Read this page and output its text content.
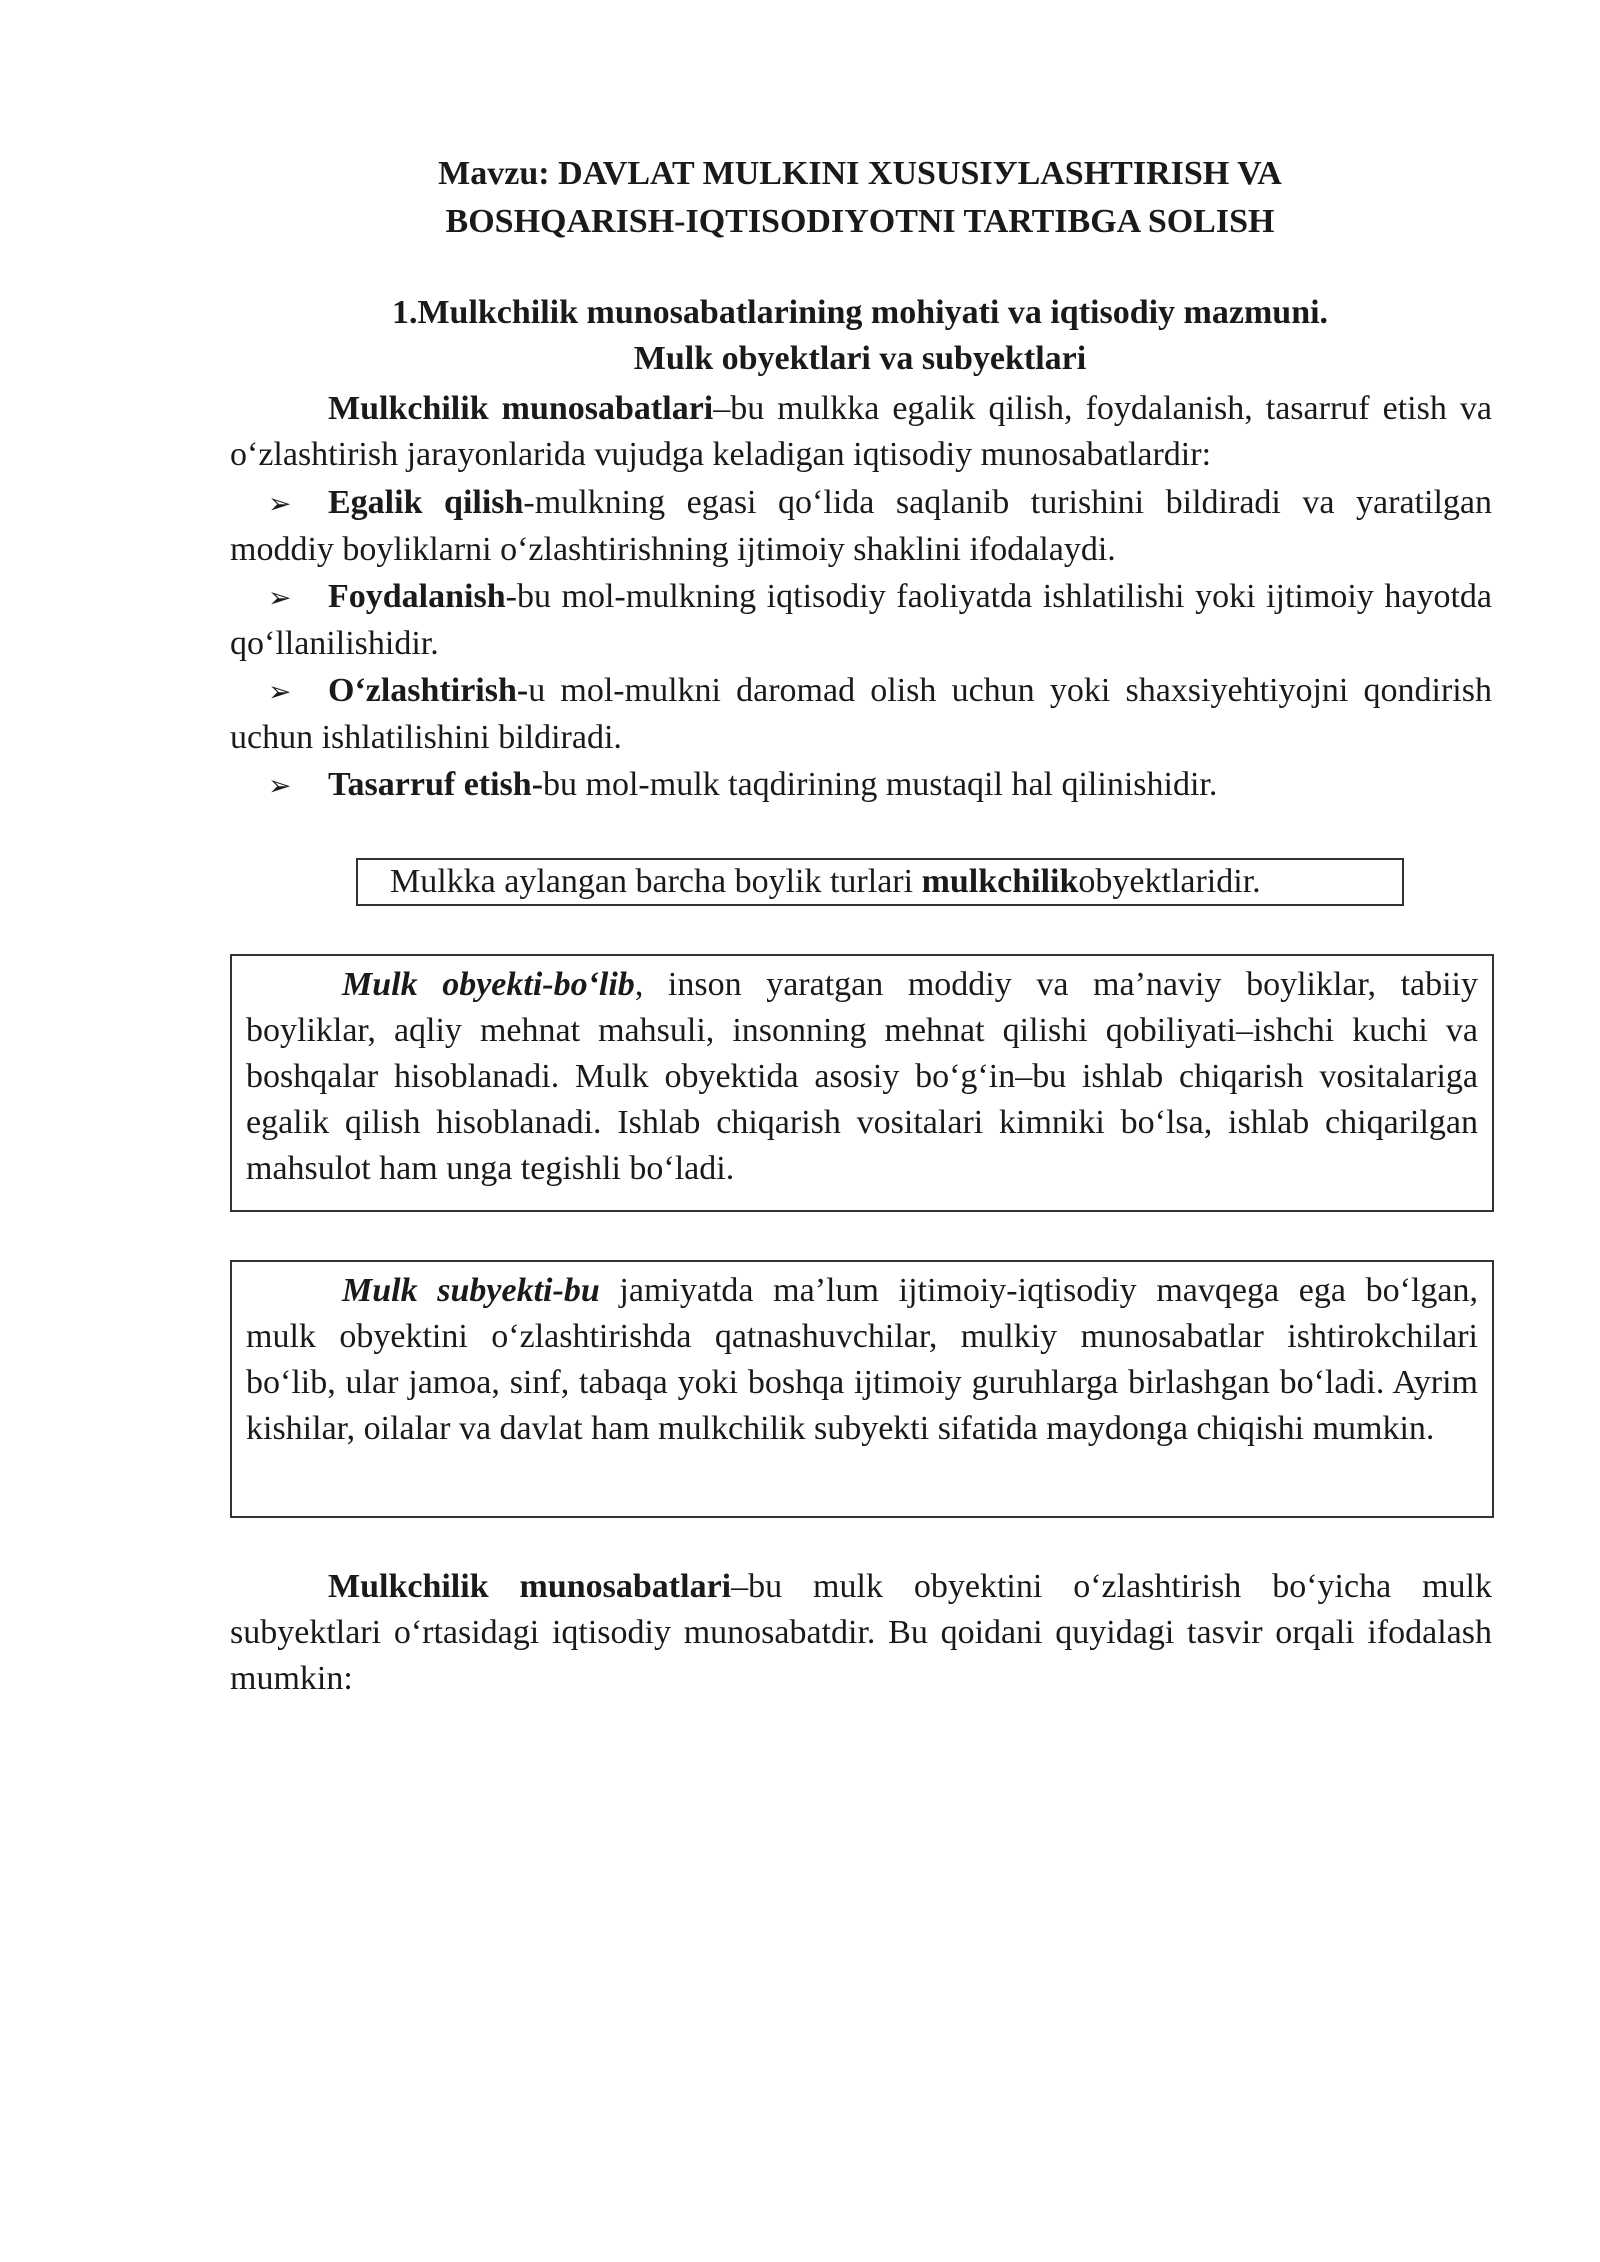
Mavzu: DAVLAT MULKINI XUSUSIУLASHTIRISH VA
BOSHQARISH-IQTISODIYOTNI TARTIBGA SOLISH
1.Mulkchilik munosabatlarining mohiyati va iqtisodiy mazmuni.
Mulk obyektlari va subyektlari
Mulkchilik munosabatlari–bu mulkka egalik qilish, foydalanish, tasarruf etish va o‘zlashtirish jarayonlarida vujudga keladigan iqtisodiy munosabatlardir:
➢ Egalik qilish-mulkning egasi qo‘lida saqlanib turishini bildiradi va yaratilgan moddiy boyliklarni o‘zlashtirishning ijtimoiy shaklini ifodalaydi.
➢ Foydalanish-bu mol-mulkning iqtisodiy faoliyatda ishlatilishi yoki ijtimoiy hayotda qo‘llanilishidir.
➢ O‘zlashtirish-u mol-mulkni daromad olish uchun yoki shaxsiyehtiyojni qondirish uchun ishlatilishini bildiradi.
➢ Tasarruf etish-bu mol-mulk taqdirining mustaqil hal qilinishidir.
Mulkka aylangan barcha boylik turlari mulkchilikobyektlaridir.
Mulk obyekti-bo‘lib, inson yaratgan moddiy va ma’naviy boyliklar, tabiiy boyliklar, aqliy mehnat mahsuli, insonning mehnat qilishi qobiliyati–ishchi kuchi va boshqalar hisoblanadi. Mulk obyektida asosiy bo‘g‘in–bu ishlab chiqarish vositalariga egalik qilish hisoblanadi. Ishlab chiqarish vositalari kimniki bo‘lsa, ishlab chiqarilgan mahsulot ham unga tegishli bo‘ladi.
Mulk subyekti-bu jamiyatda ma’lum ijtimoiy-iqtisodiy mavqega ega bo‘lgan, mulk obyektini o‘zlashtirishda qatnashuvchilar, mulkiy munosabatlar ishtirokchilari bo‘lib, ular jamoa, sinf, tabaqa yoki boshqa ijtimoiy guruhlarga birlashgan bo‘ladi. Ayrim kishilar, oilalar va davlat ham mulkchilik subyekti sifatida maydonga chiqishi mumkin.
Mulkchilik munosabatlari–bu mulk obyektini o‘zlashtirish bo‘yicha mulk subyektlari o‘rtasidagi iqtisodiy munosabatdir. Bu qoidani quyidagi tasvir orqali ifodalash mumkin:
